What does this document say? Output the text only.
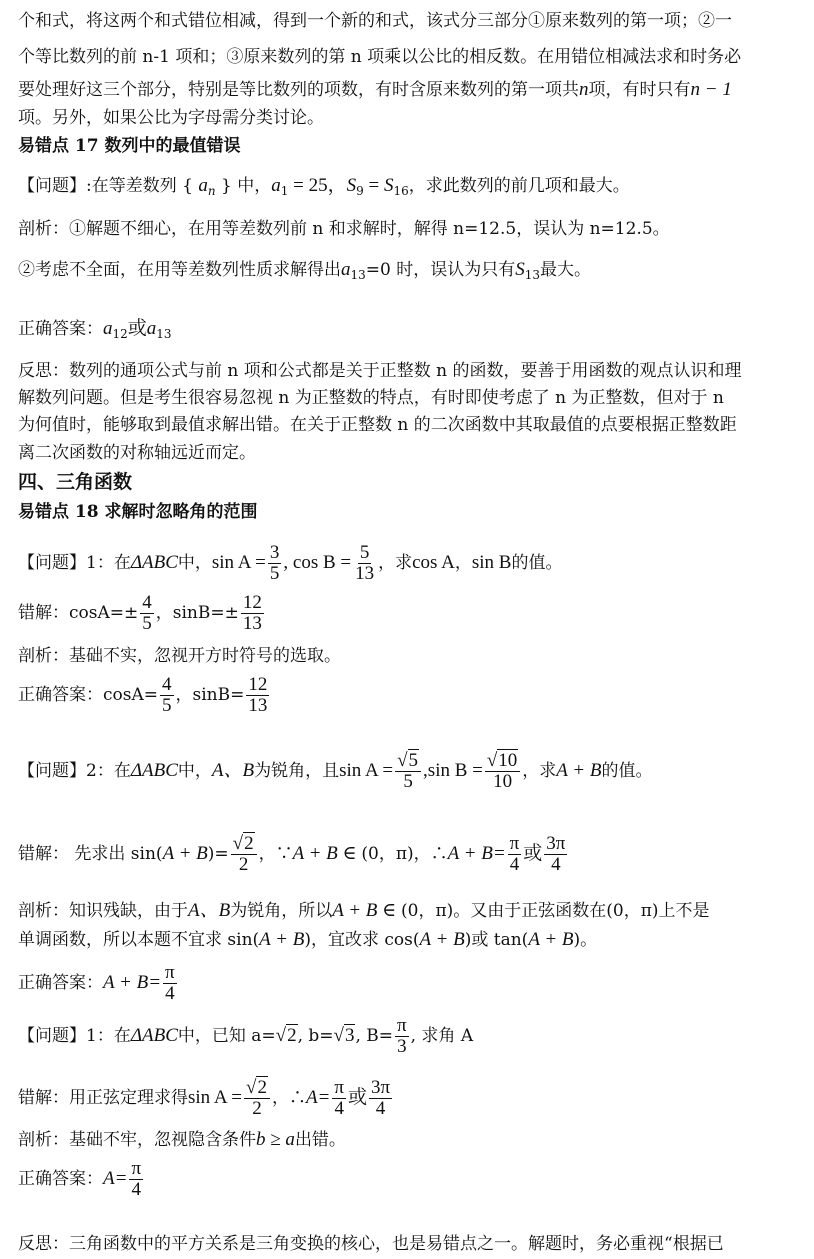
个和式，将这两个和式错位相减，得到一个新的和式，该式分三部分①原来数列的第一项；②一
个等比数列的前 n-1 项和；③原来数列的第 n 项乘以公比的相反数。在用错位相减法求和时务必
要处理好这三个部分，特别是等比数列的项数，有时含原来数列的第一项共n项，有时只有n − 1
项。另外，如果公比为字母需分类讨论。
易错点 17 数列中的最值错误
【问题】:在等差数列 { $a_n$ } 中，$a_1 = 25$，$S_9 = S_{16}$，求此数列的前几项和最大。
剖析：①解题不细心，在用等差数列前 n 和求解时，解得 n=12.5，误认为 n=12.5。
②考虑不全面，在用等差数列性质求解得出$a_{13}=0$ 时，误认为只有$S_{13}$最大。
正确答案：$a_{12}$或$a_{13}$
反思：数列的通项公式与前 n 项和公式都是关于正整数 n 的函数，要善于用函数的观点认识和理
解数列问题。但是考生很容易忽视 n 为正整数的特点，有时即使考虑了 n 为正整数，但对于 n
为何值时，能够取到最值求解出错。在关于正整数 n 的二次函数中其取最值的点要根据正整数距
离二次函数的对称轴远近而定。
四、三角函数
易错点 18 求解时忽略角的范围
【问题】1：在ΔABC中，$\sin A = \frac{3}{5}$ , $\cos B = \frac{5}{13}$ ，求cos A，sin B的值。
错解：$\cos A=\pm \frac{4}{5}$ ，$\sin B=\pm \frac{12}{13}$
剖析：基础不实，忽视开方时符号的选取。
正确答案：$\cos A= \frac{4}{5}$ ，$\sin B= \frac{12}{13}$
【问题】2：在ΔABC中，A、B为锐角，且$\sin A = \frac{√5}{5} ,\sin$ $B = \frac{√10}{10}$ ，求A + B的值。
错解： 先求出 $\sin(A + B)= \frac{√2}{2}$ ，∵A + B ∈ (0，π)，∴A + $B= \frac{\pi}{4}$ 或 $\frac{3\pi}{4}$
剖析：知识残缺，由于A、B为锐角，所以A + B ∈ (0，π)。又由于正弦函数在(0，π)上不是
单调函数，所以本题不宜求 sin(A + B)，宜改求 cos(A + B)或 tan(A + B)。
正确答案：$A + B= \frac{\pi}{4}$
【问题】1：在ΔABC中，已知 a=√2, b=√3, $B= \frac{\pi}{3}$ , 求角 A
错解：用正弦定理求得$\sin A = \frac{√2}{2}$ ，∴A= $\frac{\pi}{4}$ 或 $\frac{3\pi}{4}$
剖析：基础不牢，忽视隐含条件b ≥ a出错。
正确答案：$A= \frac{\pi}{4}$
反思：三角函数中的平方关系是三角变换的核心，也是易错点之一。解题时，务必重视“根据已
